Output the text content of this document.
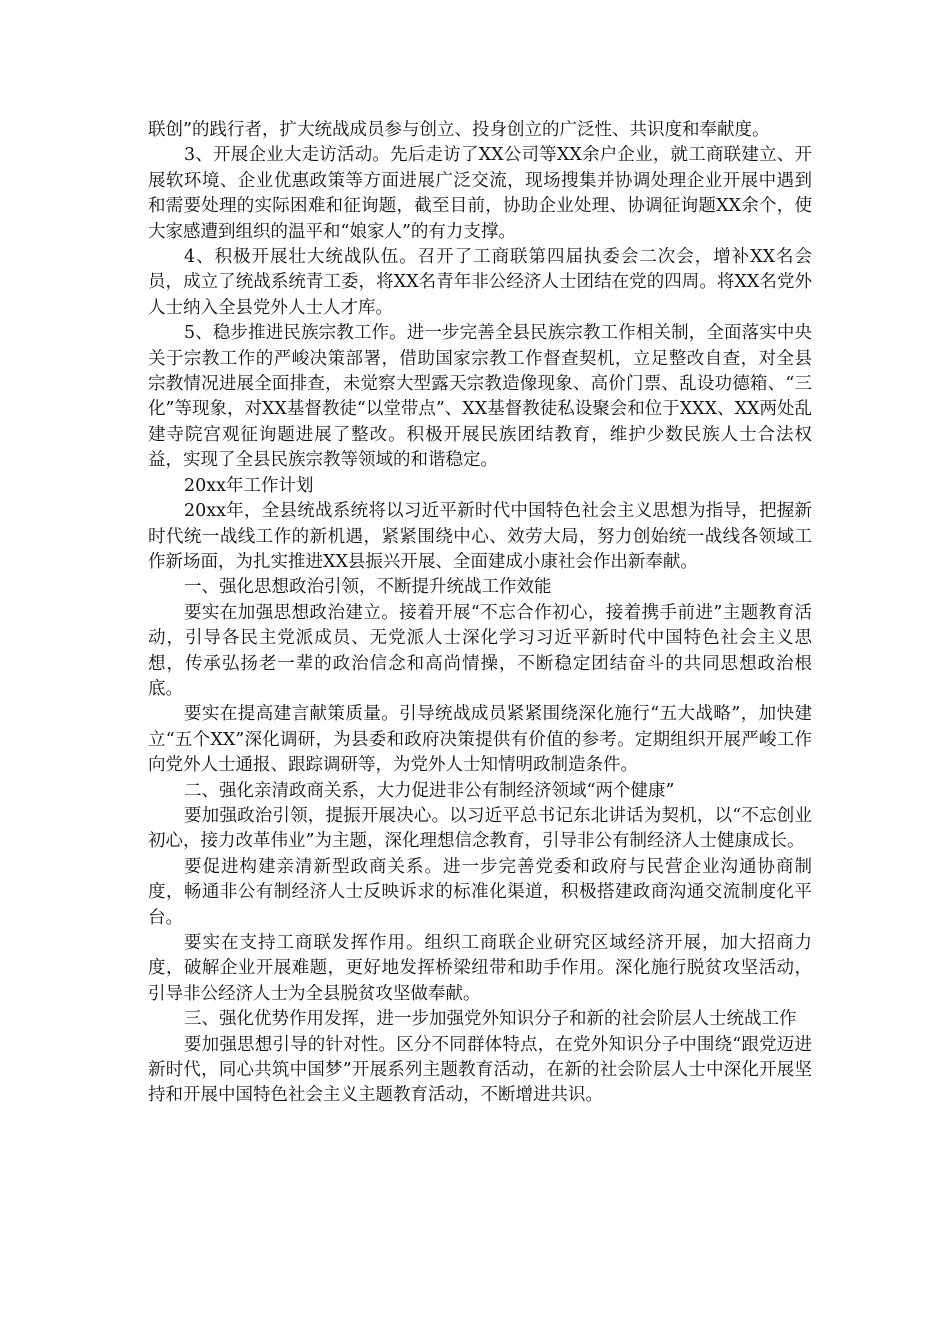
联创”的践行者，扩大统战成员参与创立、投身创立的广泛性、共识度和奉献度。

3、开展企业大走访活动。先后走访了XX公司等XX余户企业，就工商联建立、开展软环境、企业优惠政策等方面进展广泛交流，现场搜集并协调处理企业开展中遇到和需要处理的实际困难和征询题，截至目前，协助企业处理、协调征询题XX余个，使大家感遭到组织的温平和“娘家人”的有力支撑。

4、积极开展壮大统战队伍。召开了工商联第四届执委会二次会，增补XX名会员，成立了统战系统青工委，将XX名青年非公经济人士团结在党的四周。将XX名党外人士纳入全县党外人士人才库。

5、稳步推进民族宗教工作。进一步完善全县民族宗教工作相关制，全面落实中央关于宗教工作的严峻决策部署，借助国家宗教工作督查契机，立足整改自查，对全县宗教情况进展全面排查，未觉察大型露天宗教造像现象、高价门票、乱设功德箱、“三化”等现象，对XX基督教徒“以堂带点”、XX基督教徒私设聚会和位于XXX、XX两处乱建寺院宫观征询题进展了整改。积极开展民族团结教育，维护少数民族人士合法权益，实现了全县民族宗教等领域的和谐稳定。

20xx年工作计划

20xx年，全县统战系统将以习近平新时代中国特色社会主义思想为指导，把握新时代统一战线工作的新机遇，紧紧围绕中心、效劳大局，努力创始统一战线各领域工作新场面，为扎实推进XX县振兴开展、全面建成小康社会作出新奉献。

一、强化思想政治引领，不断提升统战工作效能

要实在加强思想政治建立。接着开展“不忘合作初心，接着携手前进”主题教育活动，引导各民主党派成员、无党派人士深化学习习近平新时代中国特色社会主义思想，传承弘扬老一辈的政治信念和高尚情操，不断稳定团结奋斗的共同思想政治根底。

要实在提高建言献策质量。引导统战成员紧紧围绕深化施行“五大战略”，加快建立“五个XX”深化调研，为县委和政府决策提供有价值的参考。定期组织开展严峻工作向党外人士通报、跟踪调研等，为党外人士知情明政制造条件。

二、强化亲清政商关系，大力促进非公有制经济领域“两个健康”

要加强政治引领，提振开展决心。以习近平总书记东北讲话为契机，以“不忘创业初心，接力改革伟业”为主题，深化理想信念教育，引导非公有制经济人士健康成长。

要促进构建亲清新型政商关系。进一步完善党委和政府与民营企业沟通协商制度，畅通非公有制经济人士反映诉求的标准化渠道，积极搭建政商沟通交流制度化平台。

要实在支持工商联发挥作用。组织工商联企业研究区域经济开展，加大招商力度，破解企业开展难题，更好地发挥桥梁纽带和助手作用。深化施行脱贫攻坚活动，引导非公经济人士为全县脱贫攻坚做奉献。

三、强化优势作用发挥，进一步加强党外知识分子和新的社会阶层人士统战工作

要加强思想引导的针对性。区分不同群体特点，在党外知识分子中围绕“跟党迈进新时代，同心共筑中国梦”开展系列主题教育活动，在新的社会阶层人士中深化开展坚持和开展中国特色社会主义主题教育活动，不断增进共识。
